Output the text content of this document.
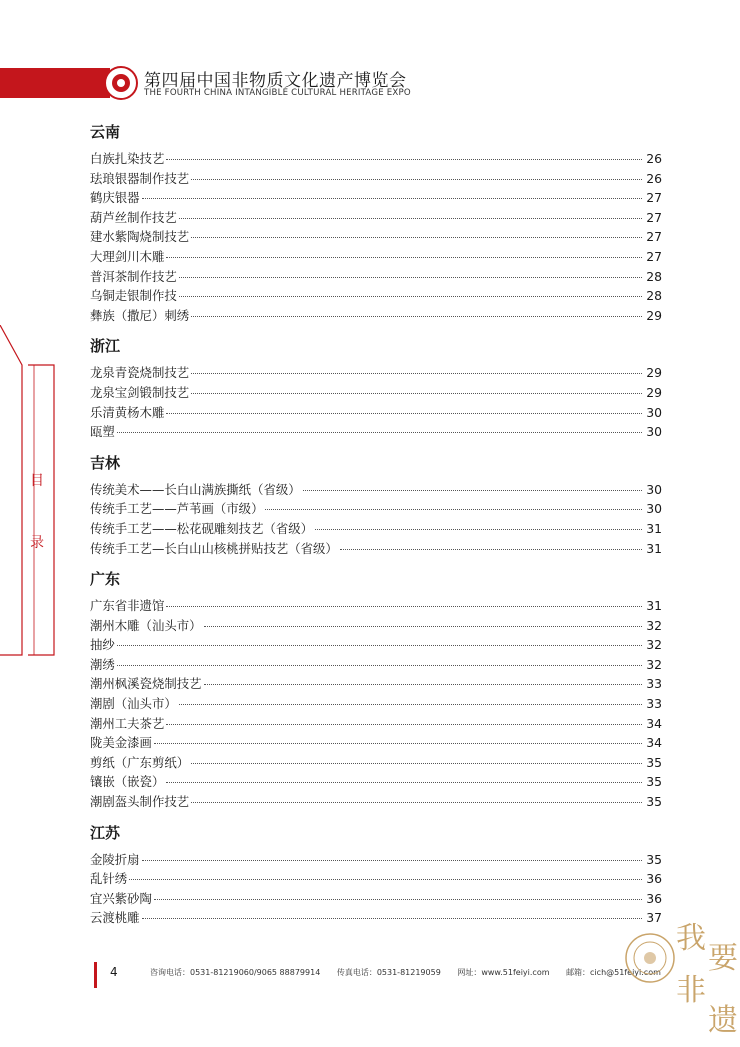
第四届中国非物质文化遗产博览会
THE FOURTH CHINA INTANGIBLE CULTURAL HERITAGE EXPO
目
录
云南
白族扎染技艺	26
珐琅银器制作技艺	26
鹤庆银器	27
葫芦丝制作技艺	27
建水紫陶烧制技艺	27
大理剑川木雕	27
普洱茶制作技艺	28
乌铜走银制作技	28
彝族（撒尼）刺绣	29
浙江
龙泉青瓷烧制技艺	29
龙泉宝剑锻制技艺	29
乐清黄杨木雕	30
瓯塑	30
吉林
传统美术——长白山满族撕纸（省级）	30
传统手工艺——芦苇画（市级）	30
传统手工艺——松花砚雕刻技艺（省级）	31
传统手工艺—长白山山核桃拼贴技艺（省级）	31
广东
广东省非遗馆	31
潮州木雕（汕头市）	32
抽纱	32
潮绣	32
潮州枫溪瓷烧制技艺	33
潮剧（汕头市）	33
潮州工夫茶艺	34
陇美金漆画	34
剪纸（广东剪纸）	35
镶嵌（嵌瓷）	35
潮剧盔头制作技艺	35
江苏
金陵折扇	35
乱针绣	36
宜兴紫砂陶	36
云渡桃雕	37
4	咨询电话：0531-81219060/9065 88879914 传真电话：0531-81219059 网址：www.51feiyi.com 邮箱：cich@51feiyi.com
我
要
非
遗
